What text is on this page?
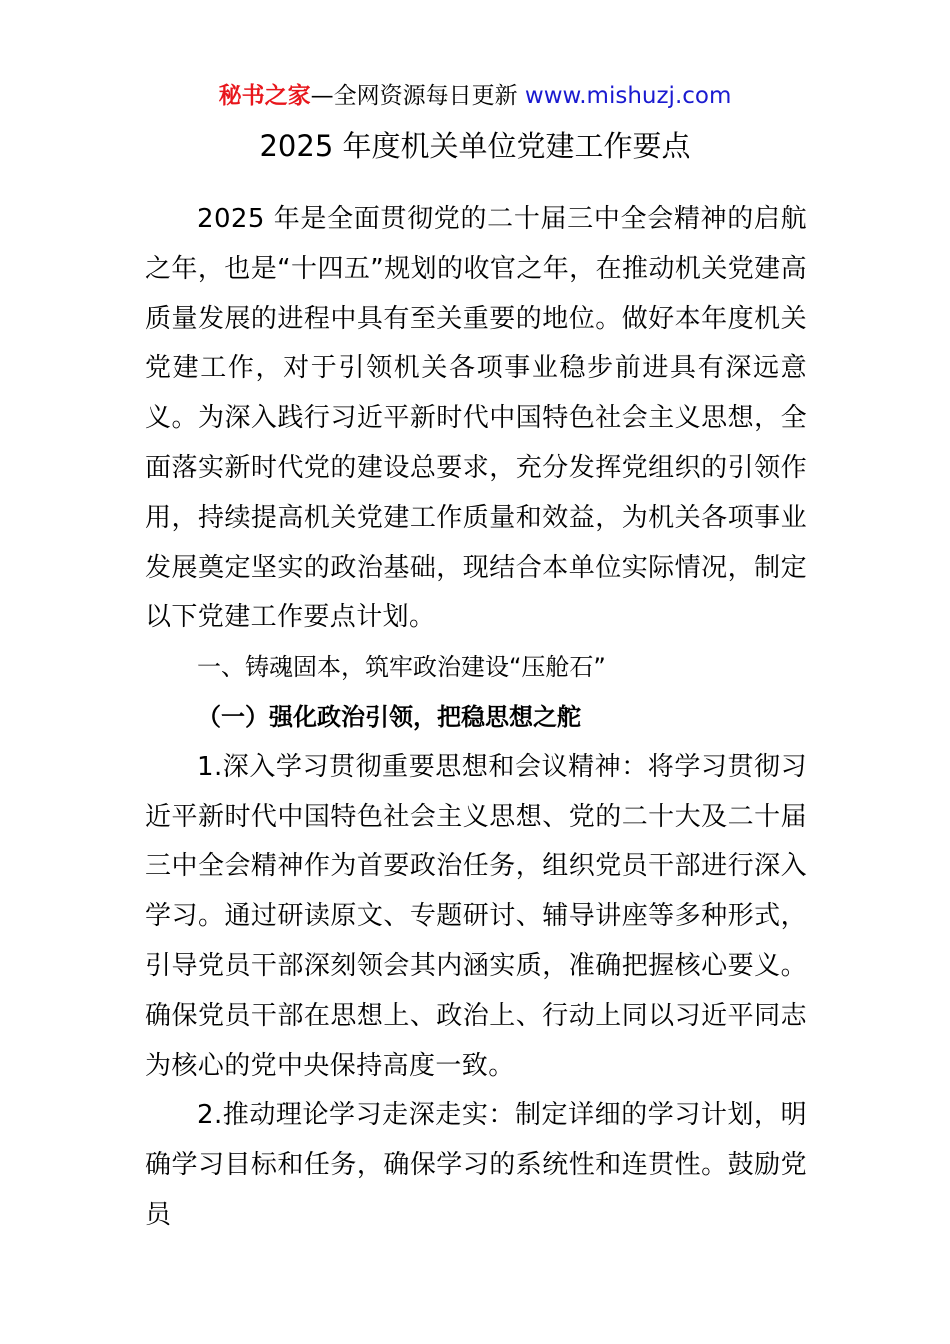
秘书之家—全网资源每日更新 www.mishuzj.com
2025 年度机关单位党建工作要点

2025 年是全面贯彻党的二十届三中全会精神的启航之年，也是“十四五”规划的收官之年，在推动机关党建高质量发展的进程中具有至关重要的地位。做好本年度机关党建工作，对于引领机关各项事业稳步前进具有深远意义。为深入践行习近平新时代中国特色社会主义思想，全面落实新时代党的建设总要求，充分发挥党组织的引领作用，持续提高机关党建工作质量和效益，为机关各项事业发展奠定坚实的政治基础，现结合本单位实际情况，制定以下党建工作要点计划。

一、铸魂固本，筑牢政治建设“压舱石”

（一）强化政治引领，把稳思想之舵

1.深入学习贯彻重要思想和会议精神：将学习贯彻习近平新时代中国特色社会主义思想、党的二十大及二十届三中全会精神作为首要政治任务，组织党员干部进行深入学习。通过研读原文、专题研讨、辅导讲座等多种形式，引导党员干部深刻领会其内涵实质，准确把握核心要义。确保党员干部在思想上、政治上、行动上同以习近平同志为核心的党中央保持高度一致。

2.推动理论学习走深走实：制定详细的学习计划，明确学习目标和任务，确保学习的系统性和连贯性。鼓励党员
